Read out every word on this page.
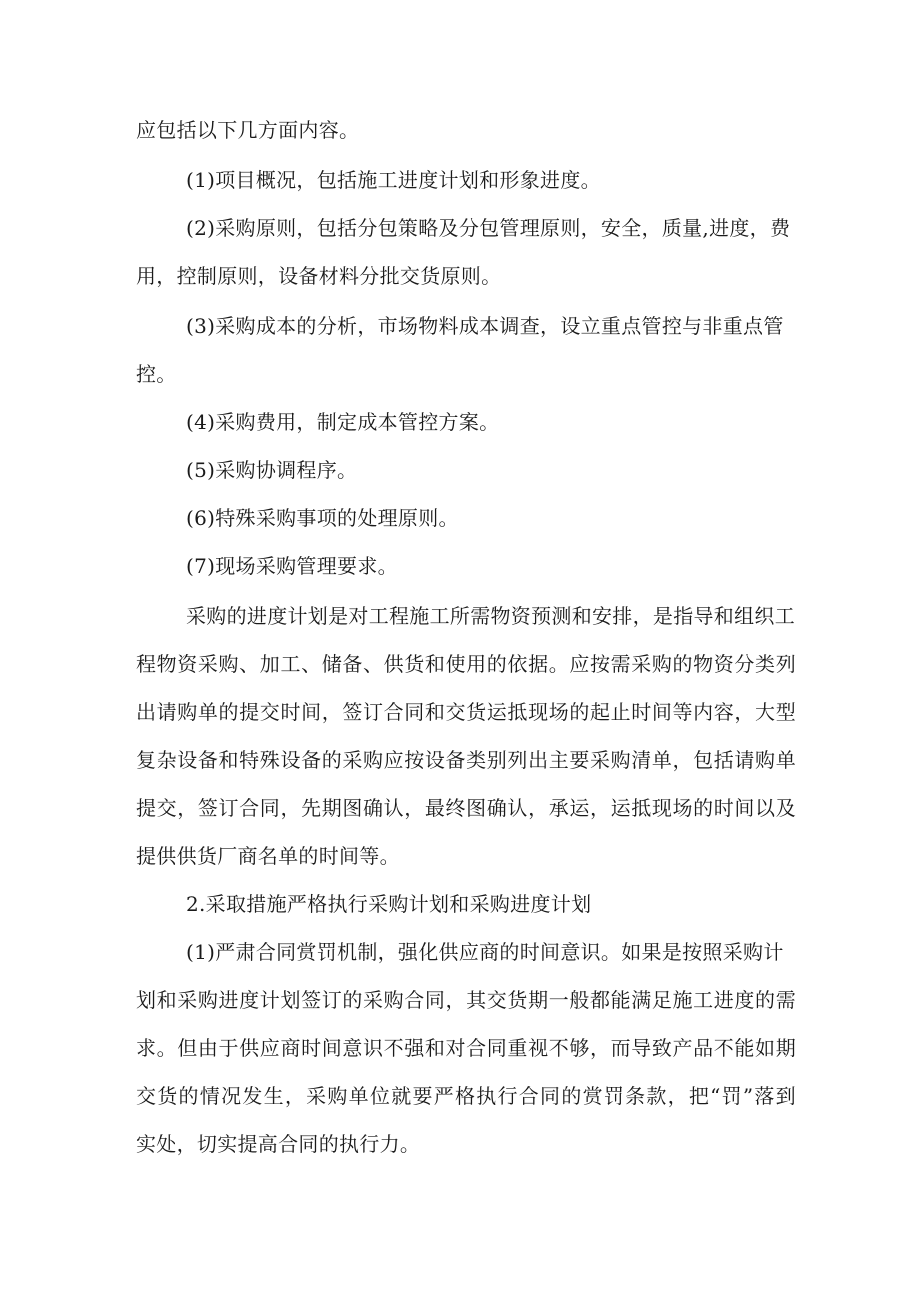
应包括以下几方面内容。
(1)项目概况，包括施工进度计划和形象进度。
(2)采购原则，包括分包策略及分包管理原则，安全，质量,进度，费
用，控制原则，设备材料分批交货原则。
(3)采购成本的分析，市场物料成本调查，设立重点管控与非重点管
控。
(4)采购费用，制定成本管控方案。
(5)采购协调程序。
(6)特殊采购事项的处理原则。
(7)现场采购管理要求。
采购的进度计划是对工程施工所需物资预测和安排，是指导和组织工
程物资采购、加工、储备、供货和使用的依据。应按需采购的物资分类列
出请购单的提交时间，签订合同和交货运抵现场的起止时间等内容，大型
复杂设备和特殊设备的采购应按设备类别列出主要采购清单，包括请购单
提交，签订合同，先期图确认，最终图确认，承运，运抵现场的时间以及
提供供货厂商名单的时间等。
2.采取措施严格执行采购计划和采购进度计划
(1)严肃合同赏罚机制，强化供应商的时间意识。如果是按照采购计
划和采购进度计划签订的采购合同，其交货期一般都能满足施工进度的需
求。但由于供应商时间意识不强和对合同重视不够，而导致产品不能如期
交货的情况发生，采购单位就要严格执行合同的赏罚条款，把“罚”落到
实处，切实提高合同的执行力。
